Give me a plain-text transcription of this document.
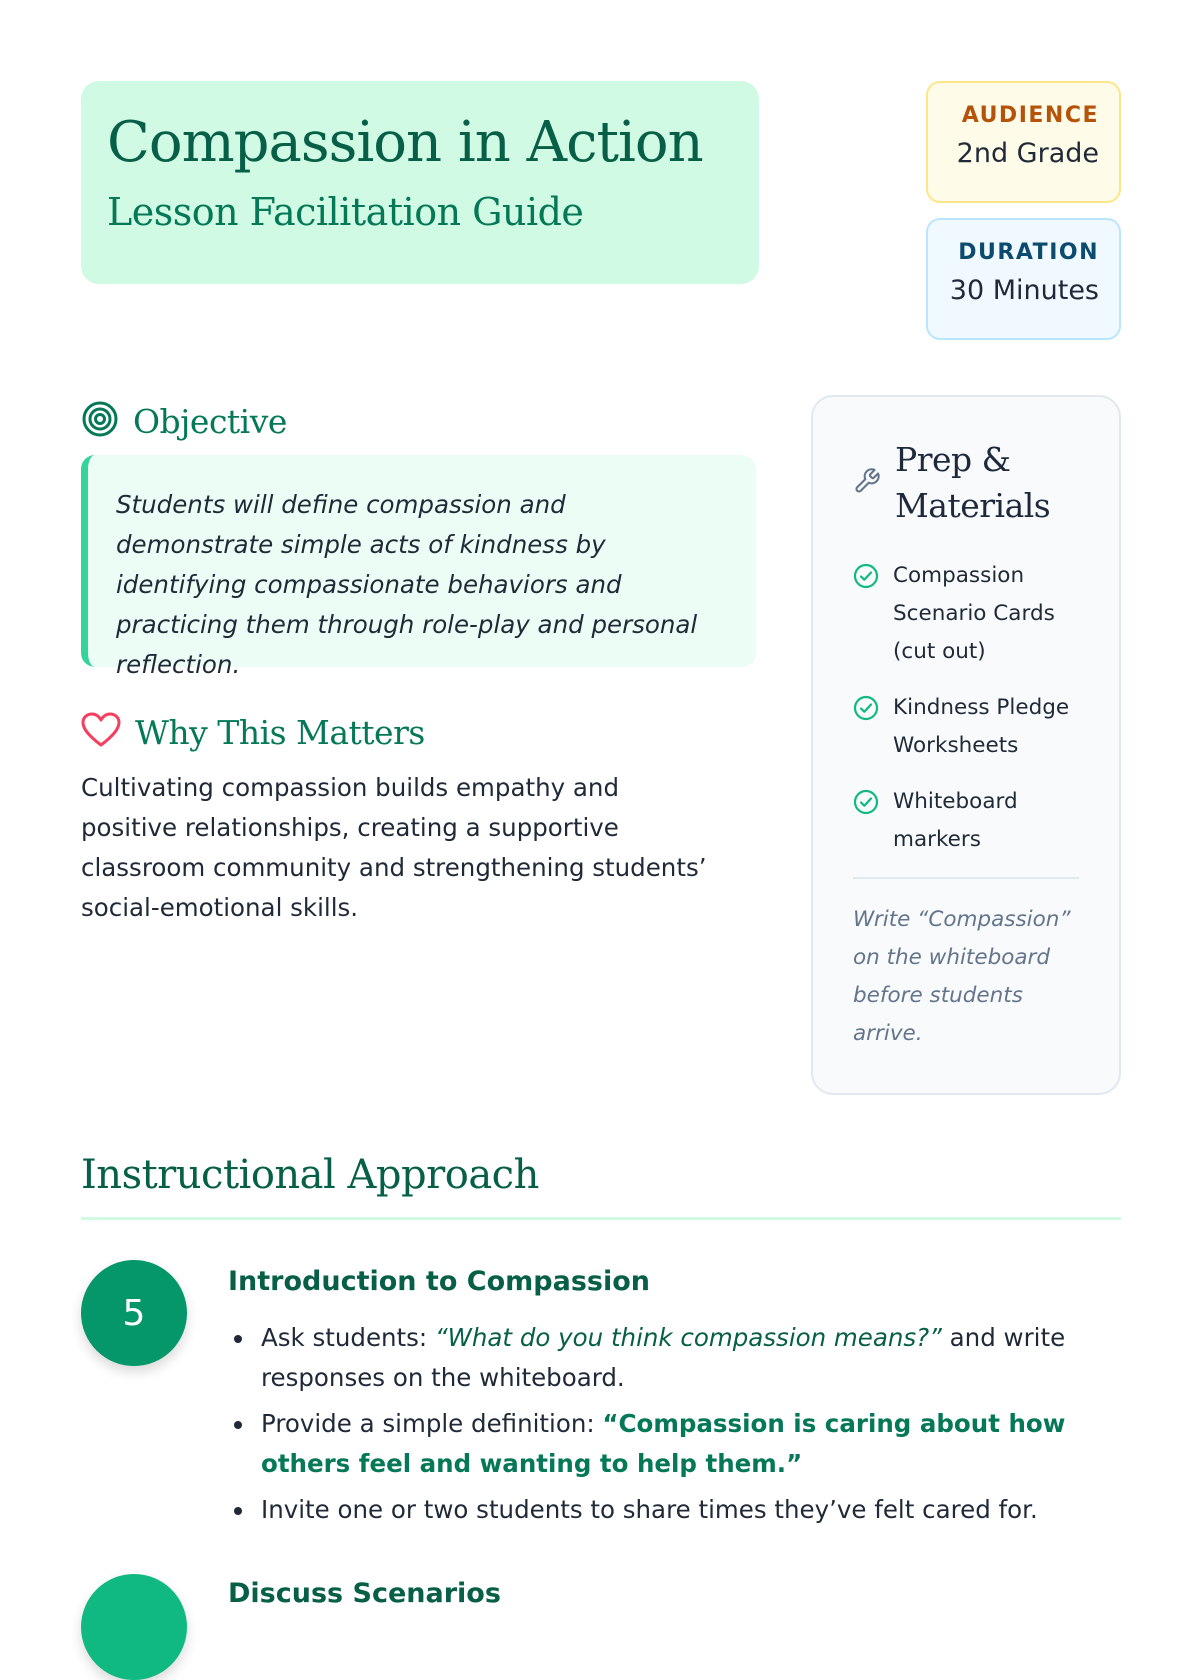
Compassion in Action
Lesson Facilitation Guide
AUDIENCE
2nd Grade
DURATION
30 Minutes
Objective

Students will define compassion and demonstrate simple acts of kindness by identifying compassionate behaviors and practicing them through role-play and personal reflection.

Why This Matters

Cultivating compassion builds empathy and positive relationships, creating a supportive classroom community and strengthening students’ social-emotional skills.

Prep & Materials
Compassion Scenario Cards (cut out)
Kindness Pledge Worksheets
Whiteboard markers

Write “Compassion” on the whiteboard before students arrive.

Instructional Approach
5
Introduction to Compassion
Ask students: “What do you think compassion means?” and write responses on the whiteboard.
Provide a simple definition: “Compassion is caring about how others feel and wanting to help them.”
Invite one or two students to share times they’ve felt cared for.
Discuss Scenarios
